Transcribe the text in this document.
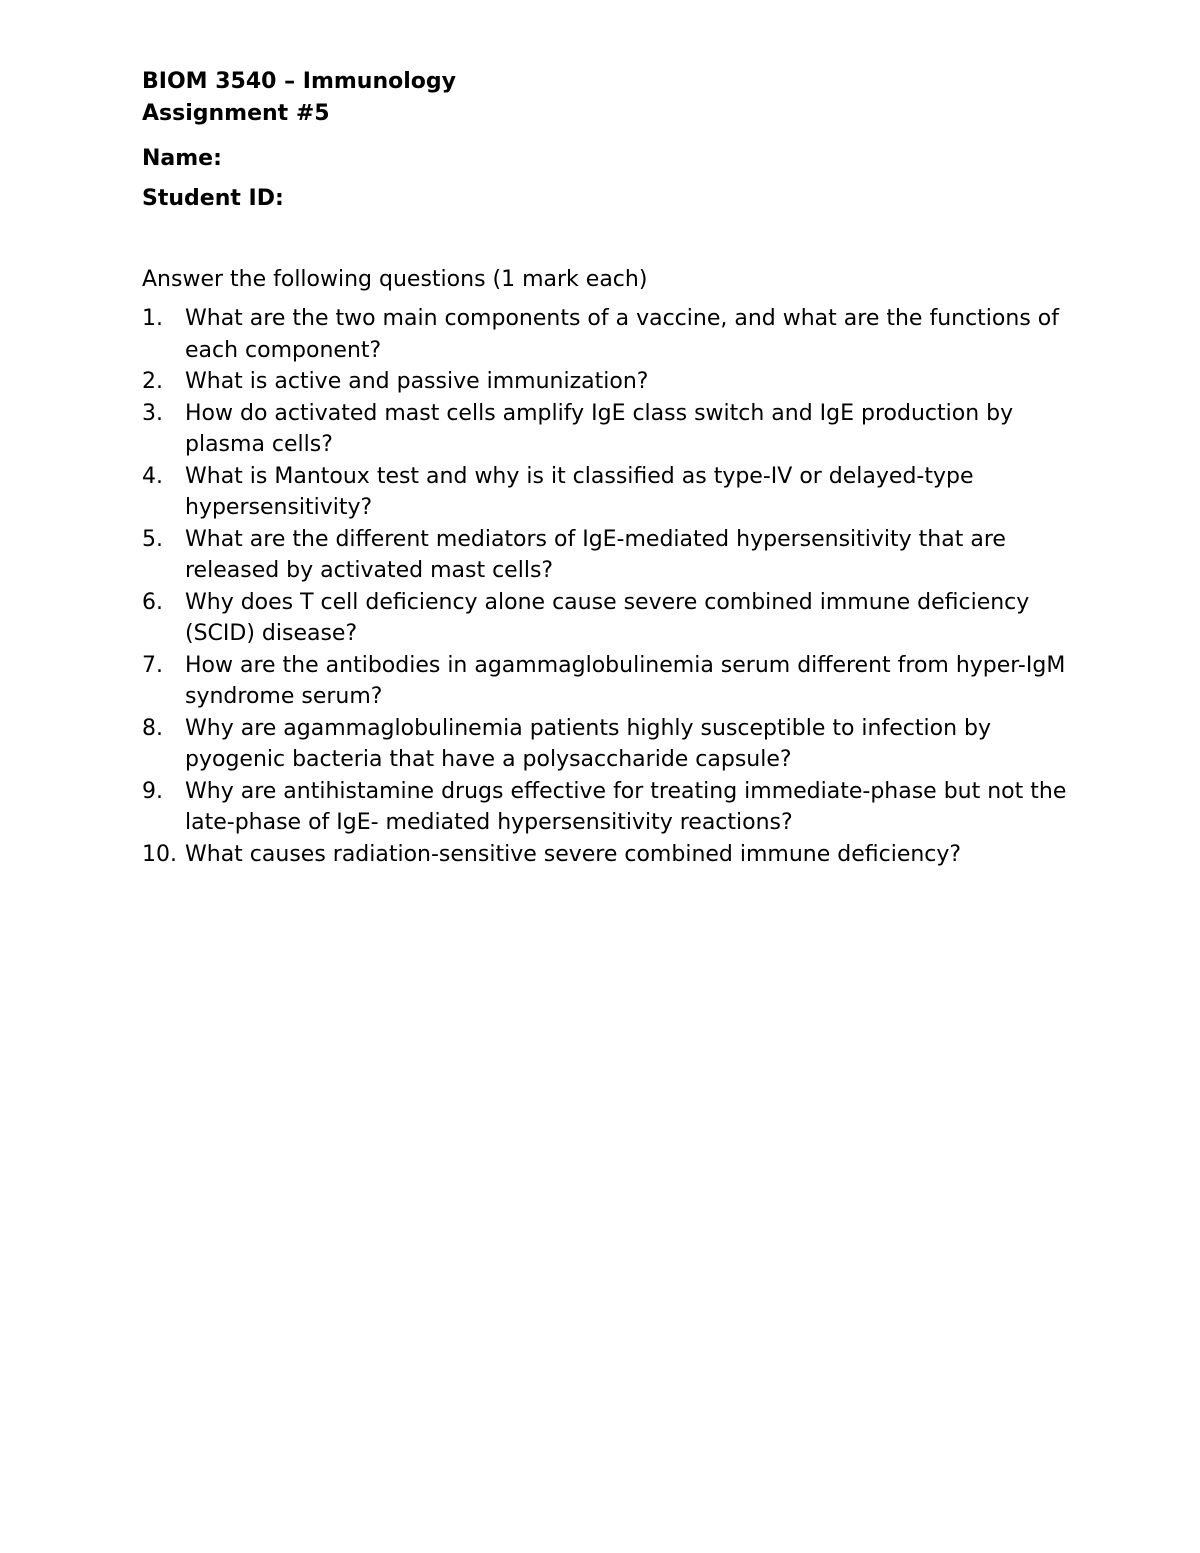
BIOM 3540 – Immunology

Assignment #5

Name:

Student ID:

Answer the following questions (1 mark each)

1.	What are the two main components of a vaccine, and what are the functions of each component?
2.	What is active and passive immunization?
3.	How do activated mast cells amplify IgE class switch and IgE production by plasma cells?
4.	What is Mantoux test and why is it classified as type-IV or delayed-type hypersensitivity?
5.	What are the different mediators of IgE-mediated hypersensitivity that are released by activated mast cells?
6.	Why does T cell deficiency alone cause severe combined immune deficiency (SCID) disease?
7.	How are the antibodies in agammaglobulinemia serum different from hyper-IgM syndrome serum?
8.	Why are agammaglobulinemia patients highly susceptible to infection by pyogenic bacteria that have a polysaccharide capsule?
9.	Why are antihistamine drugs effective for treating immediate-phase but not the late-phase of IgE- mediated hypersensitivity reactions?
10. What causes radiation-sensitive severe combined immune deficiency?
